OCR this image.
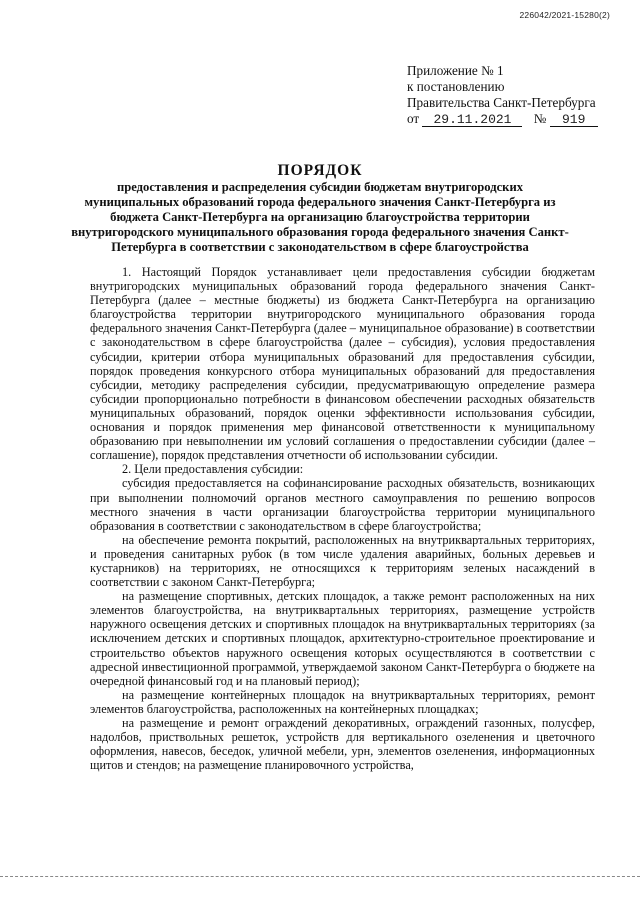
226042/2021-15280(2)
Приложение № 1
к постановлению
Правительства Санкт-Петербурга
от 29.11.2021 № 919
ПОРЯДОК
предоставления и распределения субсидии бюджетам внутригородских муниципальных образований города федерального значения Санкт-Петербурга из бюджета Санкт-Петербурга на организацию благоустройства территории внутригородского муниципального образования города федерального значения Санкт-Петербурга в соответствии с законодательством в сфере благоустройства

1. Настоящий Порядок устанавливает цели предоставления субсидии бюджетам внутригородских муниципальных образований города федерального значения Санкт-Петербурга (далее – местные бюджеты) из бюджета Санкт-Петербурга на организацию благоустройства территории внутригородского муниципального образования города федерального значения Санкт-Петербурга (далее – муниципальное образование) в соответствии с законодательством в сфере благоустройства (далее – субсидия), условия предоставления субсидии, критерии отбора муниципальных образований для предоставления субсидии, порядок проведения конкурсного отбора муниципальных образований для предоставления субсидии, методику распределения субсидии, предусматривающую определение размера субсидии пропорционально потребности в финансовом обеспечении расходных обязательств муниципальных образований, порядок оценки эффективности использования субсидии, основания и порядок применения мер финансовой ответственности к муниципальному образованию при невыполнении им условий соглашения о предоставлении субсидии (далее – соглашение), порядок представления отчетности об использовании субсидии.

2. Цели предоставления субсидии:

субсидия предоставляется на софинансирование расходных обязательств, возникающих при выполнении полномочий органов местного самоуправления по решению вопросов местного значения в части организации благоустройства территории муниципального образования в соответствии с законодательством в сфере благоустройства;

на обеспечение ремонта покрытий, расположенных на внутриквартальных территориях, и проведения санитарных рубок (в том числе удаления аварийных, больных деревьев и кустарников) на территориях, не относящихся к территориям зеленых насаждений в соответствии с законом Санкт-Петербурга;

на размещение спортивных, детских площадок, а также ремонт расположенных на них элементов благоустройства, на внутриквартальных территориях, размещение устройств наружного освещения детских и спортивных площадок на внутриквартальных территориях (за исключением детских и спортивных площадок, архитектурно-строительное проектирование и строительство объектов наружного освещения которых осуществляются в соответствии с адресной инвестиционной программой, утверждаемой законом Санкт-Петербурга о бюджете на очередной финансовый год и на плановый период);

на размещение контейнерных площадок на внутриквартальных территориях, ремонт элементов благоустройства, расположенных на контейнерных площадках;

на размещение и ремонт ограждений декоративных, ограждений газонных, полусфер, надолбов, приствольных решеток, устройств для вертикального озеленения и цветочного оформления, навесов, беседок, уличной мебели, урн, элементов озеленения, информационных щитов и стендов; на размещение планировочного устройства,
